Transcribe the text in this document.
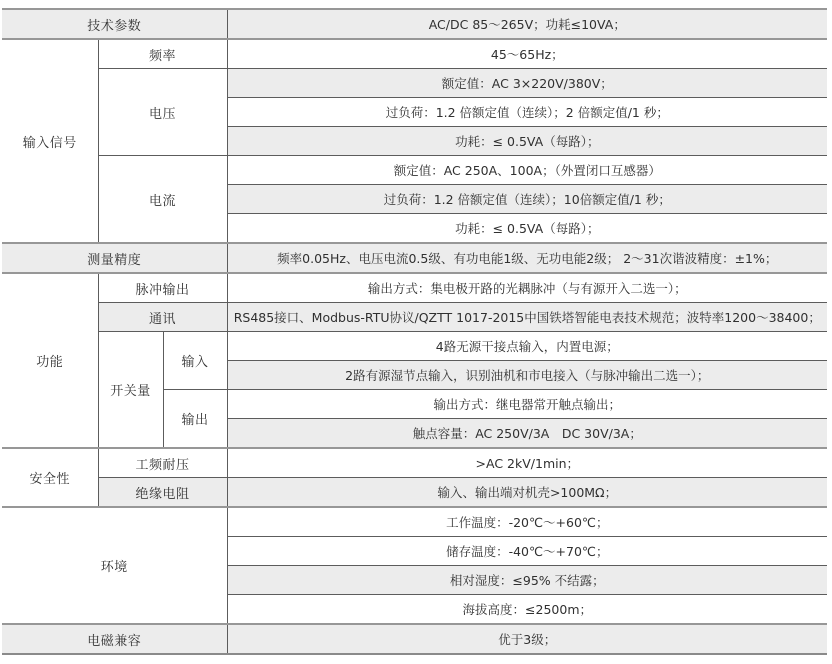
技术参数			AC/DC 85～265V；功耗≤10VA；
输入信号	频率		45～65Hz；
	电压		额定值：AC 3×220V/380V；
			过负荷：1.2 倍额定值（连续）；2 倍额定值/1 秒；
			功耗：≤ 0.5VA（每路）；
	电流		额定值：AC 250A、100A；（外置闭口互感器）
			过负荷：1.2 倍额定值（连续）；10倍额定值/1 秒；
			功耗：≤ 0.5VA（每路）；
测量精度			频率0.05Hz、电压电流0.5级、有功电能1级、无功电能2级； 2～31次谐波精度：±1%；
功能	脉冲输出		输出方式：集电极开路的光耦脉冲（与有源开入二选一）；
	通讯		RS485接口、Modbus-RTU协议/QZTT 1017-2015中国铁塔智能电表技术规范；波特率1200～38400；
	开关量	输入	4路无源干接点输入，内置电源；
			2路有源湿节点输入，识别油机和市电接入（与脉冲输出二选一）；
		输出	输出方式：继电器常开触点输出；
			触点容量：AC 250V/3A　DC 30V/3A；
安全性	工频耐压		>AC 2kV/1min；
	绝缘电阻		输入、输出端对机壳>100MΩ；
环境			工作温度：-20℃～+60℃；
			储存温度：-40℃～+70℃；
			相对湿度：≤95% 不结露；
			海拔高度：≤2500m；
电磁兼容			优于3级；
